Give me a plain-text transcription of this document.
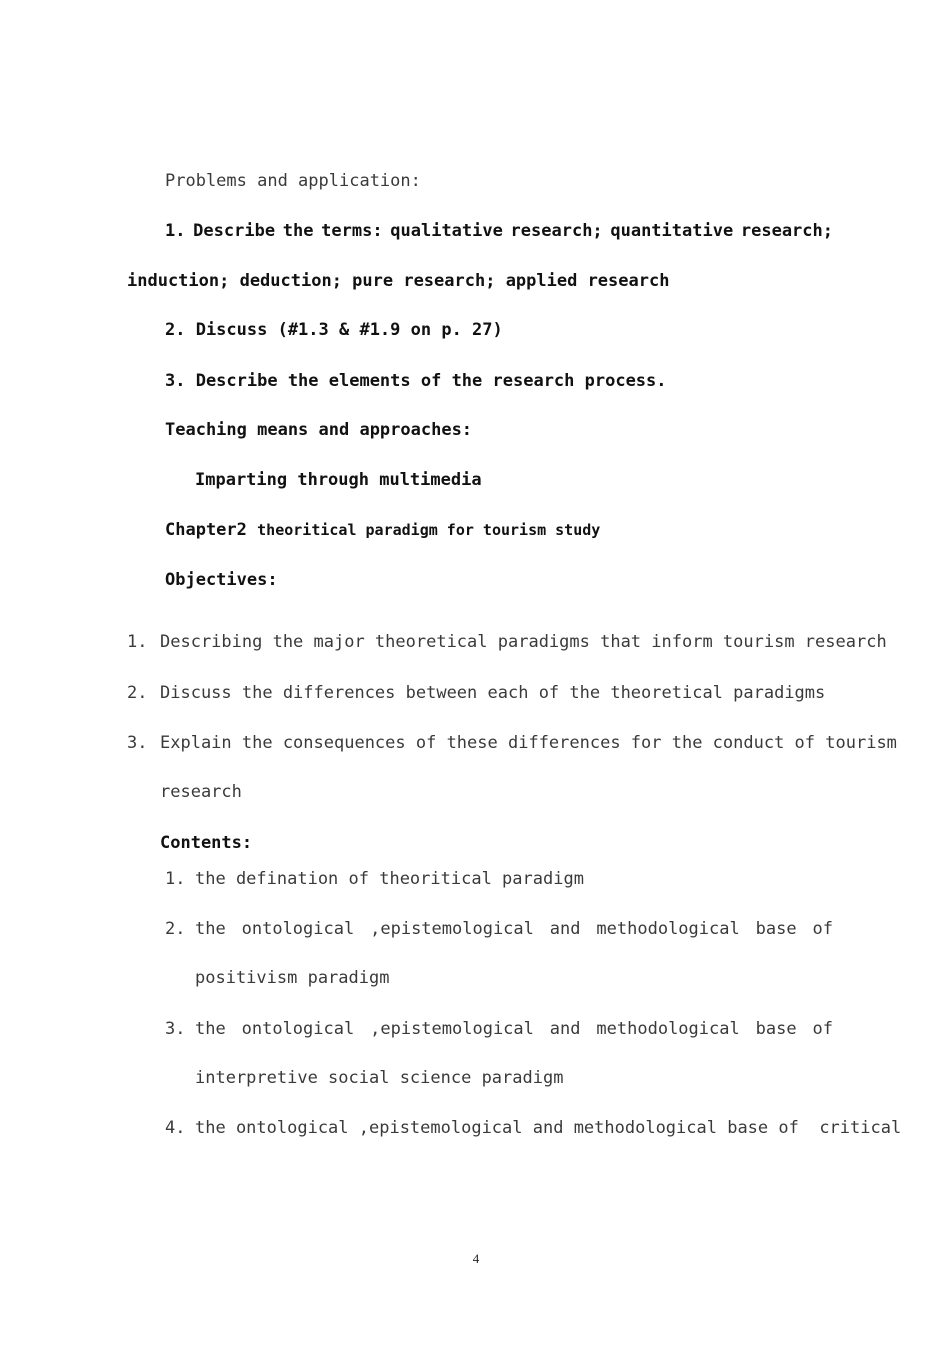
Problems and application:
1. Describe the terms: qualitative research; quantitative research;
induction; deduction; pure research; applied research
2. Discuss (#1.3 & #1.9 on p. 27)
3. Describe the elements of the research process.
Teaching means and approaches:
Imparting through multimedia
Chapter2 theoritical paradigm for tourism study
Objectives:
1. Describing the major theoretical paradigms that inform tourism research
2. Discuss the differences between each of the theoretical paradigms
3. Explain the consequences of these differences for the conduct of tourism
research
Contents:
1. the defination of theoritical paradigm
2. the ontological ,epistemological and methodological base of
positivism paradigm
3. the ontological ,epistemological and methodological base of
interpretive social science paradigm
4. the ontological ,epistemological and methodological base of  critical
4
